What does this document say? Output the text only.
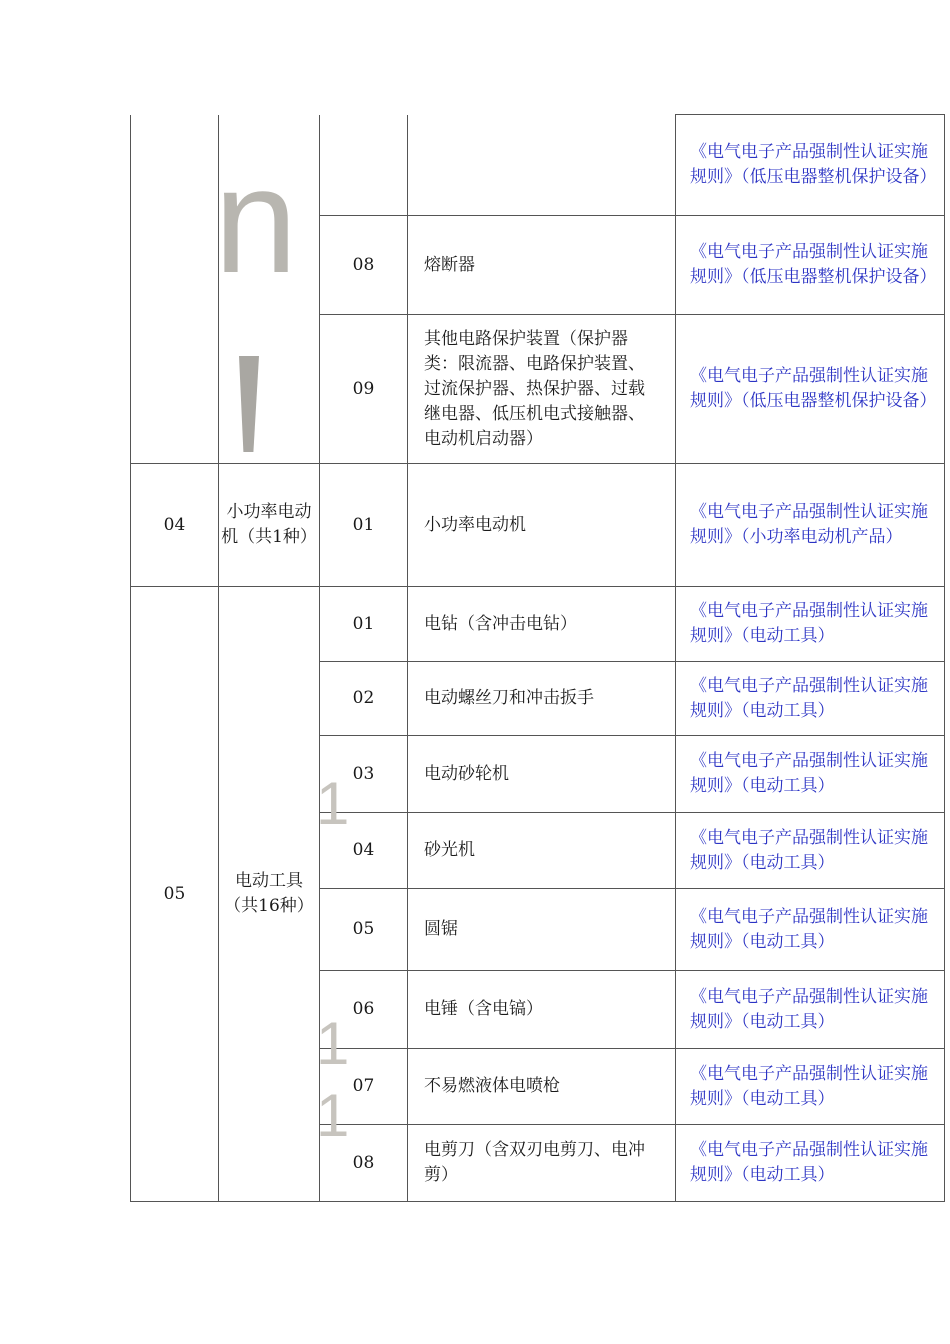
				《电气电子产品强制性认证实施规则》（低压电器整机保护设备）
		08	熔断器	《电气电子产品强制性认证实施规则》（低压电器整机保护设备）
		09	其他电路保护装置（保护器类：限流器、电路保护装置、过流保护器、热保护器、过载继电器、低压机电式接触器、电动机启动器）	《电气电子产品强制性认证实施规则》（低压电器整机保护设备）
04	小功率电动机（共1种）	01	小功率电动机	《电气电子产品强制性认证实施规则》（小功率电动机产品）
05	电动工具（共16种）	01	电钻（含冲击电钻）	《电气电子产品强制性认证实施规则》（电动工具）
		02	电动螺丝刀和冲击扳手	《电气电子产品强制性认证实施规则》（电动工具）
		03	电动砂轮机	《电气电子产品强制性认证实施规则》（电动工具）
		04	砂光机	《电气电子产品强制性认证实施规则》（电动工具）
		05	圆锯	《电气电子产品强制性认证实施规则》（电动工具）
		06	电锤（含电镐）	《电气电子产品强制性认证实施规则》（电动工具）
		07	不易燃液体电喷枪	《电气电子产品强制性认证实施规则》（电动工具）
		08	电剪刀（含双刃电剪刀、电冲剪）	《电气电子产品强制性认证实施规则》（电动工具）
n
1
1
1
